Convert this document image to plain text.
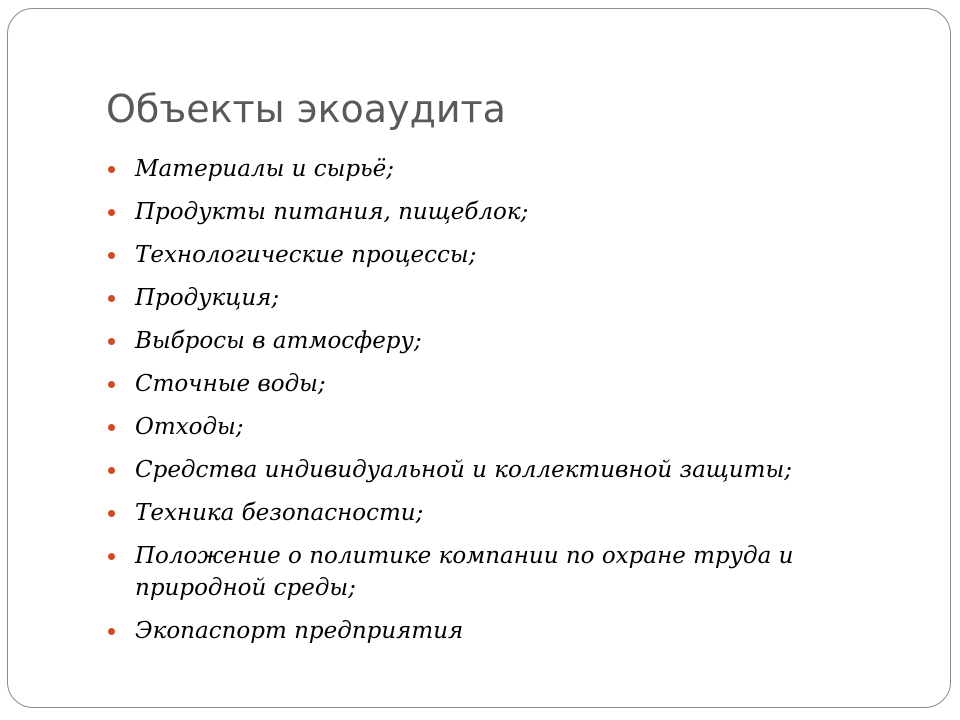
Объекты экоаудита
Материалы и сырьё;
Продукты питания, пищеблок;
Технологические процессы;
Продукция;
Выбросы в атмосферу;
Сточные воды;
Отходы;
Средства индивидуальной и коллективной защиты;
Техника безопасности;
Положение о политике компании по охране труда и природной среды;
Экопаспорт предприятия
